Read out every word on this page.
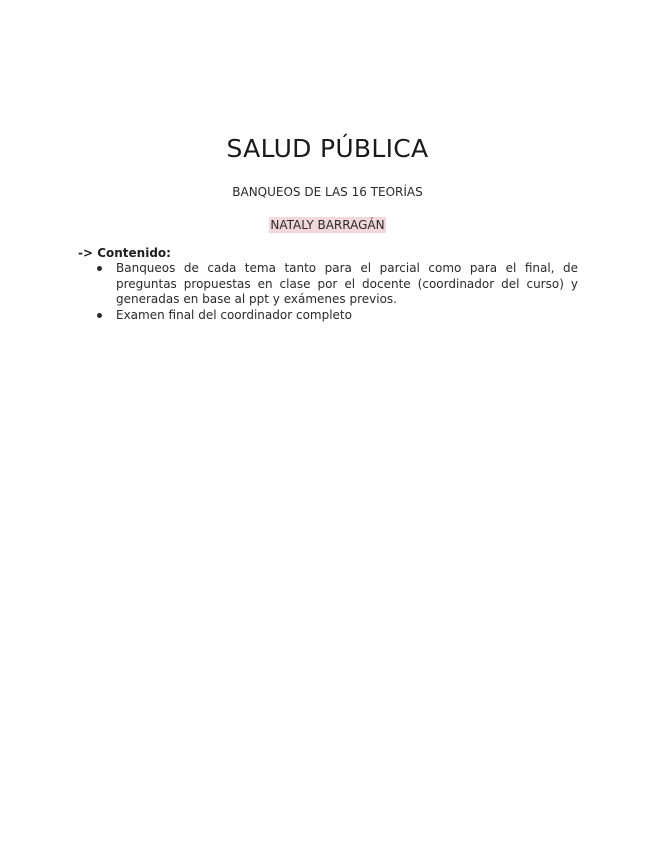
SALUD PÚBLICA
BANQUEOS DE LAS 16 TEORÍAS
NATALY BARRAGÁN
-> Contenido:
Banqueos de cada tema tanto para el parcial como para el final, de preguntas propuestas en clase por el docente (coordinador del curso) y generadas en base al ppt y exámenes previos.
Examen final del coordinador completo
